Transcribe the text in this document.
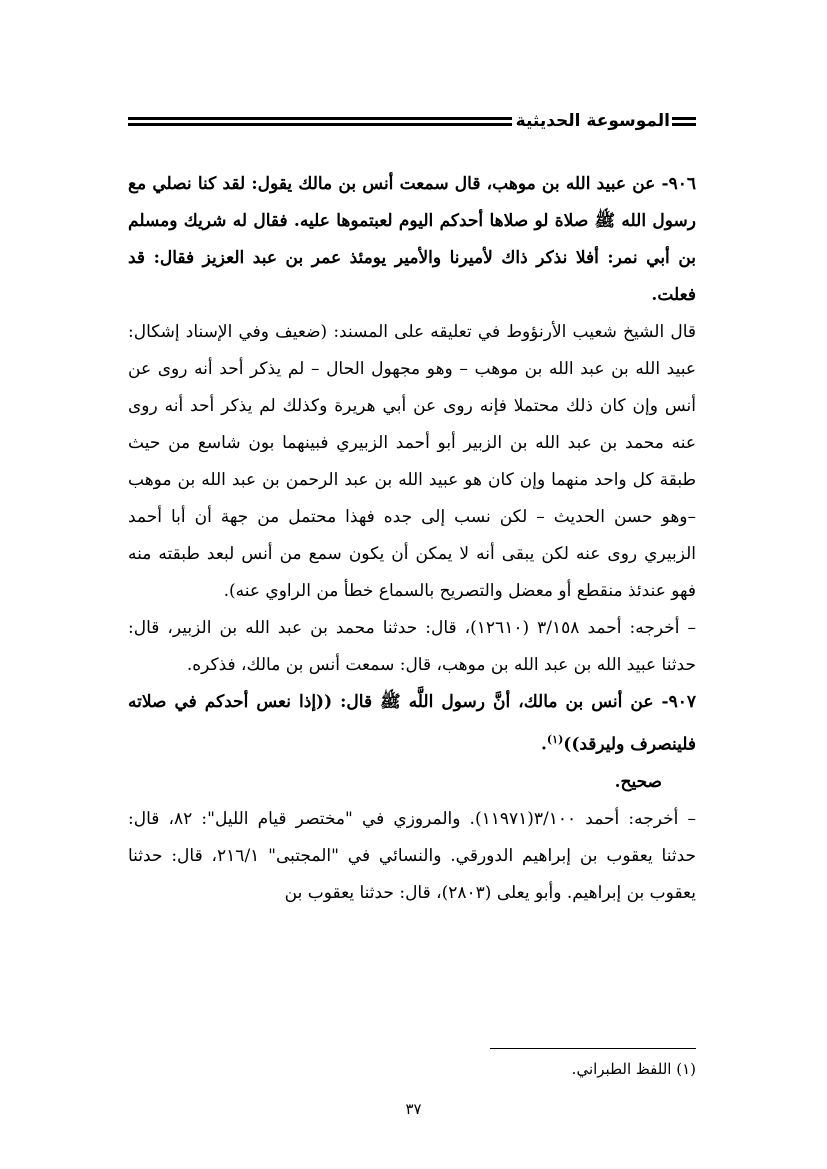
الموسوعة الحديثية

٩٠٦- عن عبيد الله بن موهب، قال سمعت أنس بن مالك يقول: لقد كنا نصلي مع رسول الله ﷺ صلاة لو صلاها أحدكم اليوم لعبتموها عليه. فقال له شريك ومسلم بن أبي نمر: أفلا نذكر ذاك لأميرنا والأمير يومئذ عمر بن عبد العزيز فقال: قد فعلت.

قال الشيخ شعيب الأرنؤوط في تعليقه على المسند: (ضعيف وفي الإسناد إشكال: عبيد الله بن عبد الله بن موهب – وهو مجهول الحال – لم يذكر أحد أنه روى عن أنس وإن كان ذلك محتملا فإنه روى عن أبي هريرة وكذلك لم يذكر أحد أنه روى عنه محمد بن عبد الله بن الزبير أبو أحمد الزبيري فبينهما بون شاسع من حيث طبقة كل واحد منهما وإن كان هو عبيد الله بن عبد الرحمن بن عبد الله بن موهب –وهو حسن الحديث – لكن نسب إلى جده فهذا محتمل من جهة أن أبا أحمد الزبيري روى عنه لكن يبقى أنه لا يمكن أن يكون سمع من أنس لبعد طبقته منه فهو عندئذ منقطع أو معضل والتصريح بالسماع خطأ من الراوي عنه).

– أخرجه: أحمد ٣/١٥٨ (١٢٦١٠)، قال: حدثنا محمد بن عبد الله بن الزبير، قال: حدثنا عبيد الله بن عبد الله بن موهب، قال: سمعت أنس بن مالك، فذكره.

٩٠٧- عن أنس بن مالك، أنَّ رسول اللَّه ﷺ قال: ((إذا نعس أحدكم في صلاته فلينصرف وليرقد))$^{(١)}$.

صحيح.

– أخرجه: أحمد ٣/١٠٠(١١٩٧١). والمروزي في "مختصر قيام الليل": ٨٢، قال: حدثنا يعقوب بن إبراهيم الدورقي. والنسائي في "المجتبى" ٢١٦/١، قال: حدثنا يعقوب بن إبراهيم. وأبو يعلى (٢٨٠٣)، قال: حدثنا يعقوب بن

(١) اللفظ الطبراني.
٣٧
